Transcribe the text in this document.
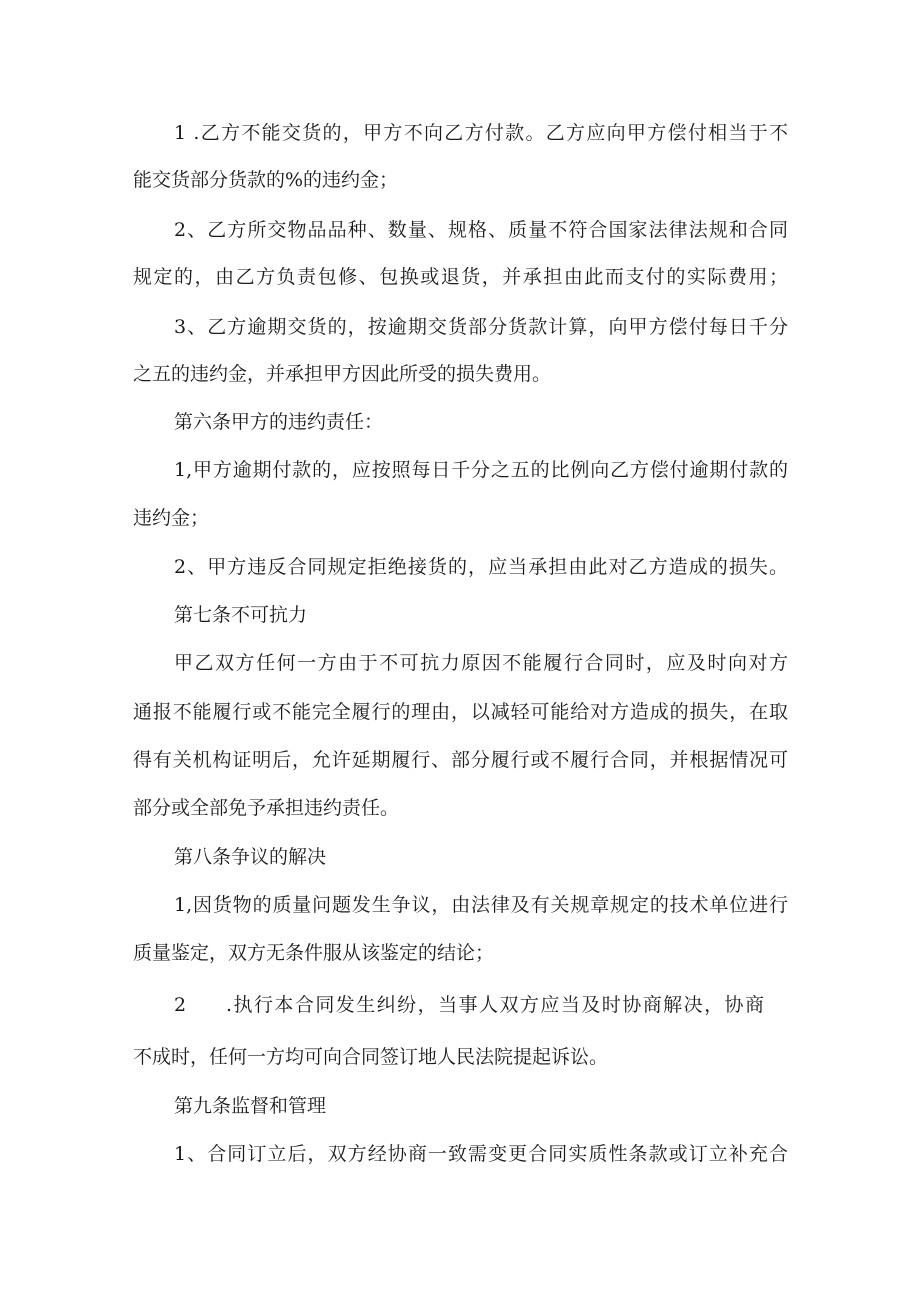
1 .乙方不能交货的，甲方不向乙方付款。乙方应向甲方偿付相当于不
能交货部分货款的%的违约金；
2、乙方所交物品品种、数量、规格、质量不符合国家法律法规和合同
规定的，由乙方负责包修、包换或退货，并承担由此而支付的实际费用；
3、乙方逾期交货的，按逾期交货部分货款计算，向甲方偿付每日千分
之五的违约金，并承担甲方因此所受的损失费用。
第六条甲方的违约责任：
1,甲方逾期付款的，应按照每日千分之五的比例向乙方偿付逾期付款的
违约金；
2、甲方违反合同规定拒绝接货的，应当承担由此对乙方造成的损失。
第七条不可抗力
甲乙双方任何一方由于不可抗力原因不能履行合同时，应及时向对方
通报不能履行或不能完全履行的理由，以减轻可能给对方造成的损失，在取
得有关机构证明后，允许延期履行、部分履行或不履行合同，并根据情况可
部分或全部免予承担违约责任。
第八条争议的解决
1,因货物的质量问题发生争议，由法律及有关规章规定的技术单位进行
质量鉴定，双方无条件服从该鉴定的结论；
2 .执行本合同发生纠纷，当事人双方应当及时协商解决，协商
不成时，任何一方均可向合同签订地人民法院提起诉讼。
第九条监督和管理
1、合同订立后，双方经协商一致需变更合同实质性条款或订立补充合
